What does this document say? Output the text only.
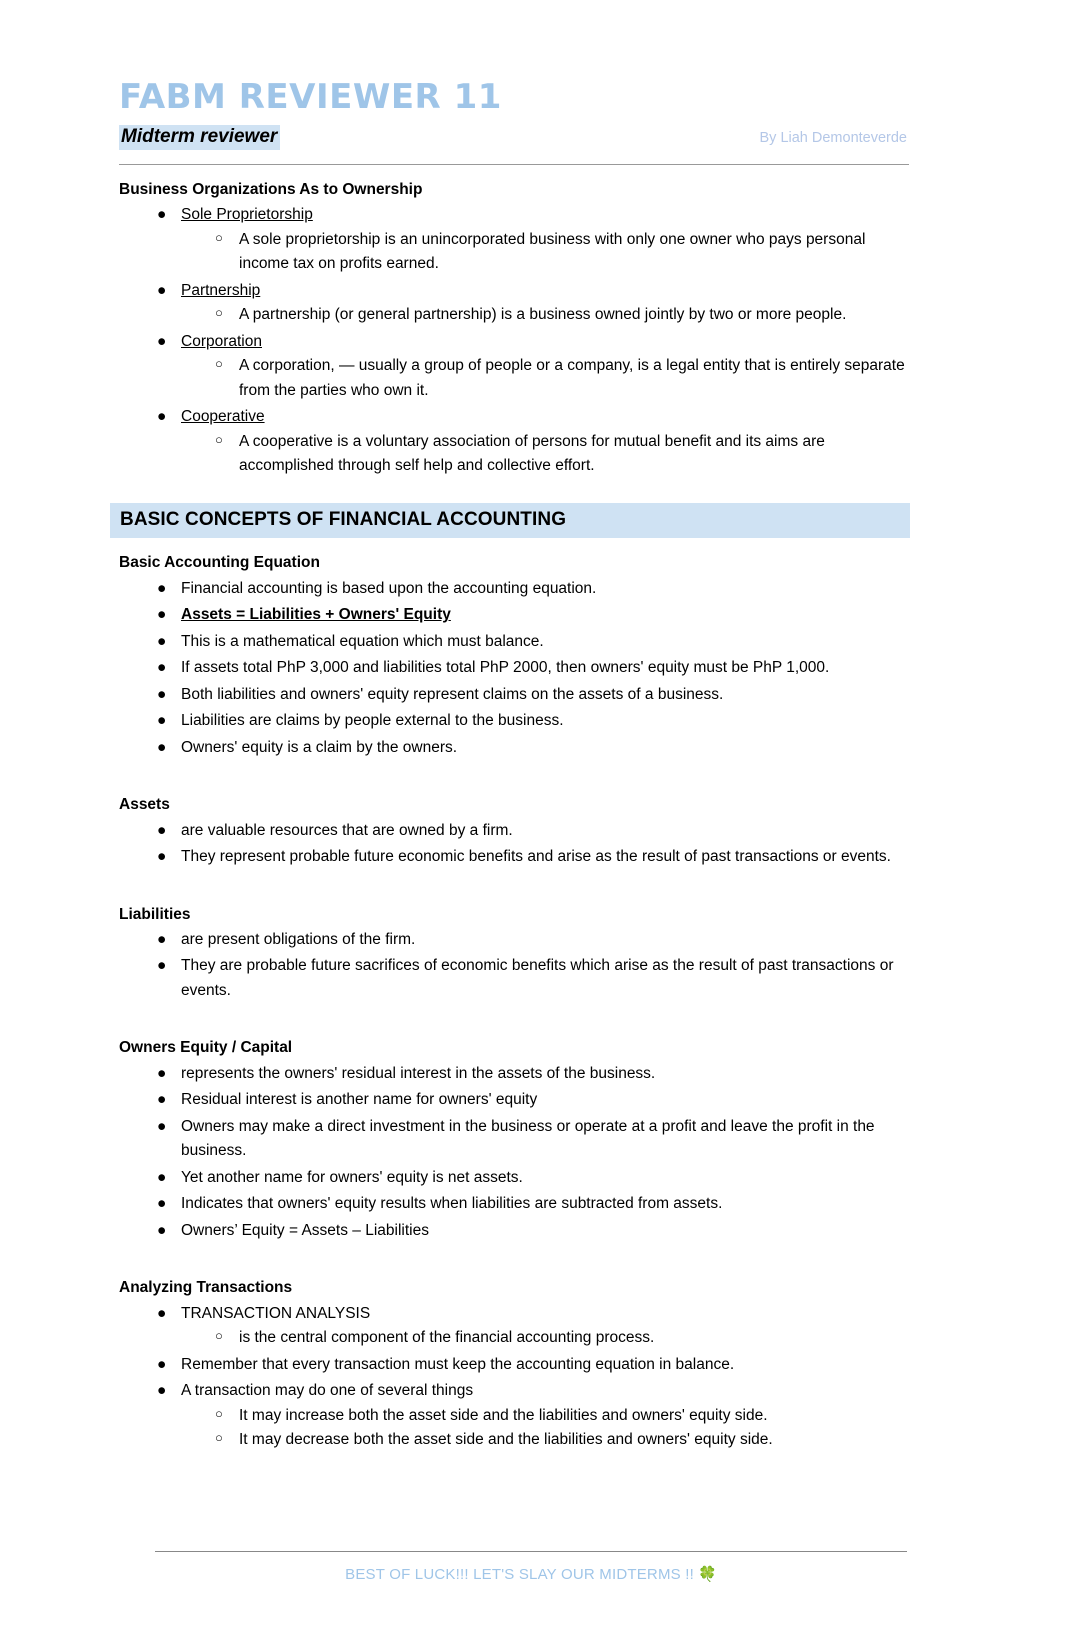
FABM REVIEWER 11
Midterm reviewer	By Liah Demonteverde
Business Organizations As to Ownership
● Sole Proprietorship
○ A sole proprietorship is an unincorporated business with only one owner who pays personal income tax on profits earned.
● Partnership
○ A partnership (or general partnership) is a business owned jointly by two or more people.
● Corporation
○ A corporation, — usually a group of people or a company, is a legal entity that is entirely separate from the parties who own it.
● Cooperative
○ A cooperative is a voluntary association of persons for mutual benefit and its aims are accomplished through self help and collective effort.
BASIC CONCEPTS OF FINANCIAL ACCOUNTING
Basic Accounting Equation
● Financial accounting is based upon the accounting equation.
● Assets = Liabilities + Owners' Equity
● This is a mathematical equation which must balance.
● If assets total PhP 3,000 and liabilities total PhP 2000, then owners' equity must be PhP 1,000.
● Both liabilities and owners' equity represent claims on the assets of a business.
● Liabilities are claims by people external to the business.
● Owners' equity is a claim by the owners.
Assets
● are valuable resources that are owned by a firm.
● They represent probable future economic benefits and arise as the result of past transactions or events.
Liabilities
● are present obligations of the firm.
● They are probable future sacrifices of economic benefits which arise as the result of past transactions or events.
Owners Equity / Capital
● represents the owners' residual interest in the assets of the business.
● Residual interest is another name for owners' equity
● Owners may make a direct investment in the business or operate at a profit and leave the profit in the business.
● Yet another name for owners' equity is net assets.
● Indicates that owners' equity results when liabilities are subtracted from assets.
● Owners’ Equity = Assets – Liabilities
Analyzing Transactions
● TRANSACTION ANALYSIS
○ is the central component of the financial accounting process.
● Remember that every transaction must keep the accounting equation in balance.
● A transaction may do one of several things
○ It may increase both the asset side and the liabilities and owners' equity side.
○ It may decrease both the asset side and the liabilities and owners' equity side.
BEST OF LUCK!!! LET'S SLAY OUR MIDTERMS !! 🍀
